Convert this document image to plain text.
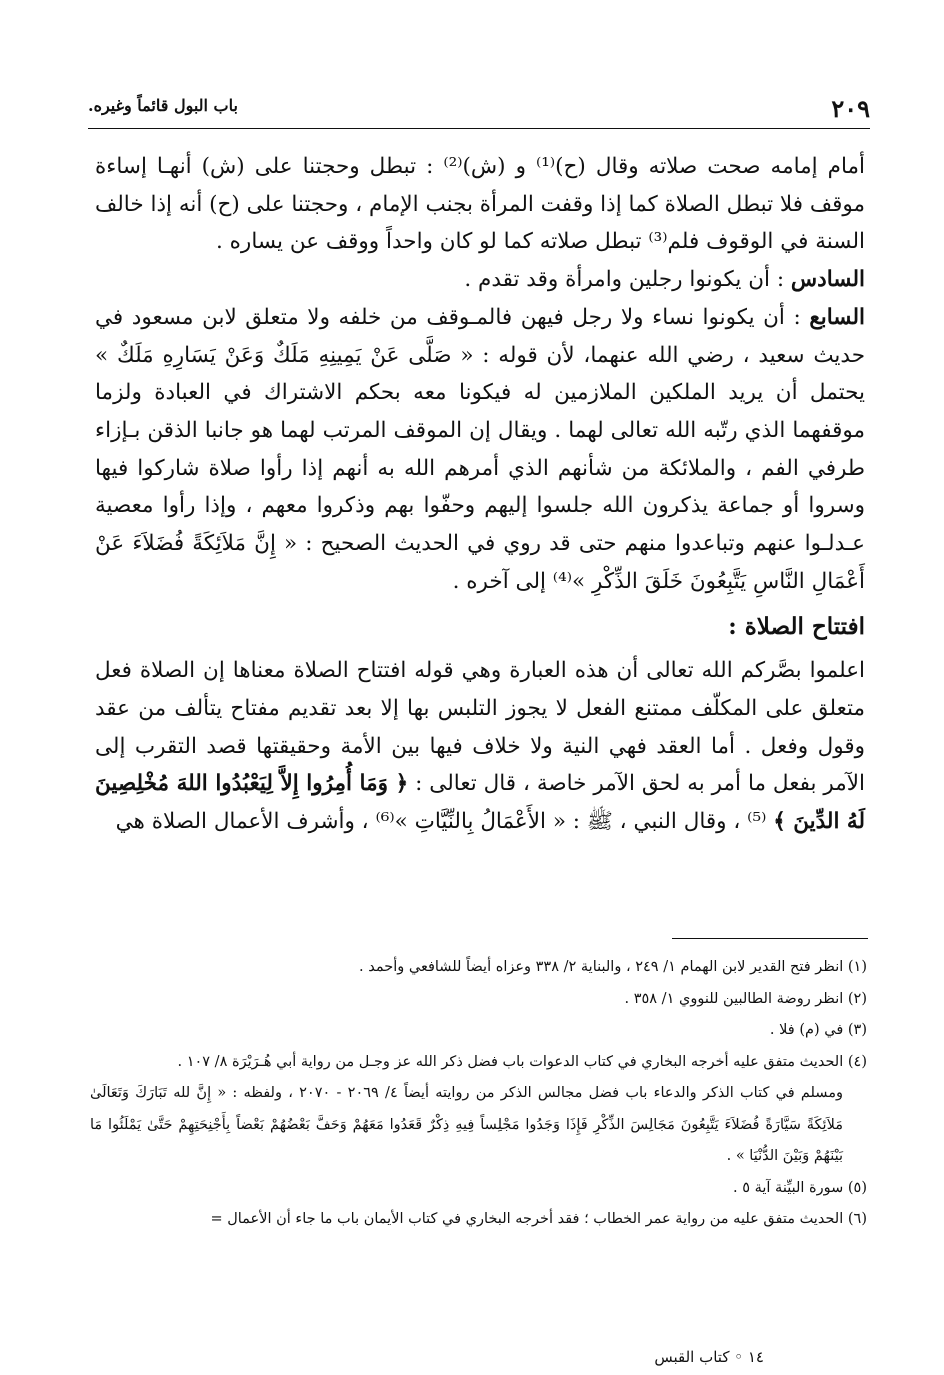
٢٠٩
باب البول قائماً وغيره.

أمام إمامه صحت صلاته وقال (ح)⁽¹⁾ و (ش)⁽²⁾ : تبطل وحجتنا على (ش) أنهـا إساءة موقف فلا تبطل الصلاة كما إذا وقفت المرأة بجنب الإمام ، وحجتنا على (ح) أنه إذا خالف السنة في الوقوف فلم⁽³⁾ تبطل صلاته كما لو كان واحداً ووقف عن يساره .

السادس : أن يكونوا رجلين وامرأة وقد تقدم .

السابع : أن يكونوا نساء ولا رجل فيهن فالمـوقف من خلفه ولا متعلق لابن مسعود في حديث سعيد ، رضي الله عنهما، لأن قوله : « صَلَّى عَنْ يَمِينِهِ مَلَكٌ وَعَنْ يَسَارِهِ مَلَكٌ » يحتمل أن يريد الملكين الملازمين له فيكونا معه بحكم الاشتراك في العبادة ولزما موقفهما الذي رتّبه الله تعالى لهما . ويقال إن الموقف المرتب لهما هو جانبا الذقن بـإزاء طرفي الفم ، والملائكة من شأنهم الذي أمرهم الله به أنهم إذا رأوا صلاة شاركوا فيها وسروا أو جماعة يذكرون الله جلسوا إليهم وحفّوا بهم وذكروا معهم ، وإذا رأوا معصية عـدلـوا عنهم وتباعدوا منهم حتى قد روي في الحديث الصحيح : « إِنَّ مَلاَئِكَةً فُضَلاَءَ عَنْ أَعْمَالِ النَّاسِ يَتَّبِعُونَ خَلَقَ الذِّكْرِ »⁽⁴⁾ إلى آخره .

افتتاح الصلاة :

اعلموا بصَّركم الله تعالى أن هذه العبارة وهي قوله افتتاح الصلاة معناها إن الصلاة فعل متعلق على المكلّف ممتنع الفعل لا يجوز التلبس بها إلا بعد تقديم مفتاح يتألف من عقد وقول وفعل . أما العقد فهي النية ولا خلاف فيها بين الأمة وحقيقتها قصد التقرب إلى الآمر بفعل ما أمر به لحق الآمر خاصة ، قال تعالى : ﴿ وَمَا أُمِرُوا إِلاَّ لِيَعْبُدُوا اللهَ مُخْلِصِينَ لَهُ الدِّينَ ﴾ ⁽⁵⁾ ، وقال النبي ، ﷺ : « الأَعْمَالُ بِالنِّيَّاتِ »⁽⁶⁾ ، وأشرف الأعمال الصلاة هي

(١) انظر فتح القدير لابن الهمام ١/ ٢٤٩ ، والبناية ٢/ ٣٣٨ وعزاه أيضاً للشافعي وأحمد .

(٢) انظر روضة الطالبين للنووي ١/ ٣٥٨ .

(٣) في (م) فلا .

(٤) الحديث متفق عليه أخرجه البخاري في كتاب الدعوات باب فضل ذكر الله عز وجـل من رواية أبي هُـرَيْرَة ٨/ ١٠٧ .

ومسلم في كتاب الذكر والدعاء باب فضل مجالس الذكر من روايته أيضاً ٤/ ٢٠٦٩ - ٢٠٧٠ ، ولفظه : « إِنَّ لله تَبَارَكَ وَتَعَالَىٰ مَلاَئِكَةً سَيَّارَةً فُضَلاَءَ يَتَّبِعُونَ مَجَالِسَ الذِّكْرِ فَإِذَا وَجَدُوا مَجْلِساً فِيهِ ذِكْرٌ قَعَدُوا مَعَهُمْ وَحَفَّ بَعْضُهُمْ بَعْضاً بِأَجْنِحَتِهِمْ حَتَّىٰ يَمْلَئُوا مَا بَيْنَهُمْ وَبَيْنَ الدُّنْيَا » .

(٥) سورة البيِّنة آية ٥ .

(٦) الحديث متفق عليه من رواية عمر الخطاب ؛ فقد أخرجه البخاري في كتاب الأيمان باب ما جاء أن الأعمال =

١٤ ◦ كتاب القبس
